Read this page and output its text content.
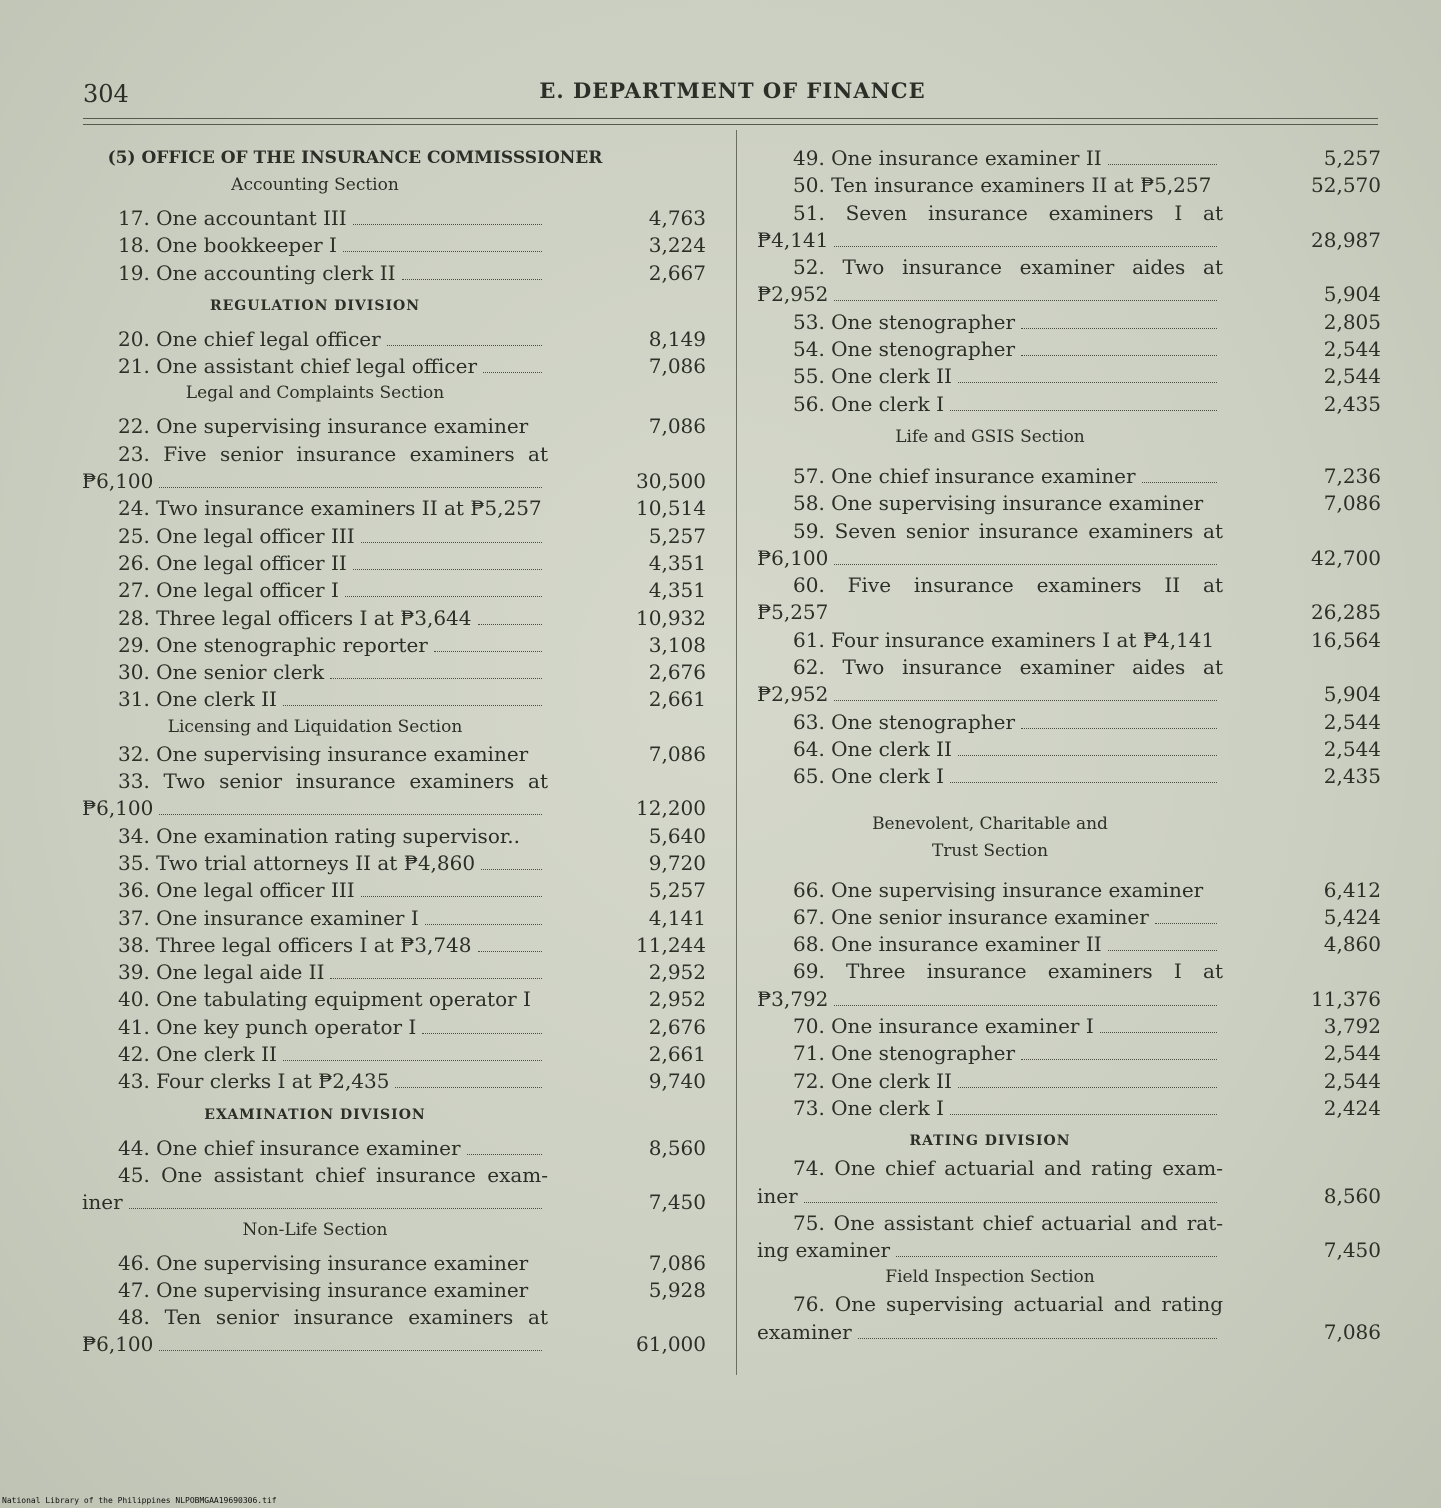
304	E. DEPARTMENT OF FINANCE
(5) OFFICE OF THE INSURANCE COMMISSSIONER
Accounting Section
17. One accountant III	4,763
18. One bookkeeper I	3,224
19. One accounting clerk II	2,667
REGULATION DIVISION
20. One chief legal officer	8,149
21. One assistant chief legal officer	7,086
Legal and Complaints Section
22. One supervising insurance examiner	7,086
23. Five senior insurance examiners at
₱6,100	30,500
24. Two insurance examiners II at ₱5,257	10,514
25. One legal officer III	5,257
26. One legal officer II	4,351
27. One legal officer I	4,351
28. Three legal officers I at ₱3,644	10,932
29. One stenographic reporter	3,108
30. One senior clerk	2,676
31. One clerk II	2,661
Licensing and Liquidation Section
32. One supervising insurance examiner	7,086
33. Two senior insurance examiners at
₱6,100	12,200
34. One examination rating supervisor..	5,640
35. Two trial attorneys II at ₱4,860	9,720
36. One legal officer III	5,257
37. One insurance examiner I	4,141
38. Three legal officers I at ₱3,748	11,244
39. One legal aide II	2,952
40. One tabulating equipment operator I	2,952
41. One key punch operator I	2,676
42. One clerk II	2,661
43. Four clerks I at ₱2,435	9,740
EXAMINATION DIVISION
44. One chief insurance examiner	8,560
45. One assistant chief insurance exam-
iner	7,450
Non-Life Section
46. One supervising insurance examiner	7,086
47. One supervising insurance examiner	5,928
48. Ten senior insurance examiners at
₱6,100	61,000
49. One insurance examiner II	5,257
50. Ten insurance examiners II at ₱5,257	52,570
51. Seven insurance examiners I at
₱4,141	28,987
52. Two insurance examiner aides at
₱2,952	5,904
53. One stenographer	2,805
54. One stenographer	2,544
55. One clerk II	2,544
56. One clerk I	2,435
Life and GSIS Section
57. One chief insurance examiner	7,236
58. One supervising insurance examiner	7,086
59. Seven senior insurance examiners at
₱6,100	42,700
60. Five insurance examiners II at
₱5,257	26,285
61. Four insurance examiners I at ₱4,141	16,564
62. Two insurance examiner aides at
₱2,952	5,904
63. One stenographer	2,544
64. One clerk II	2,544
65. One clerk I	2,435
Benevolent, Charitable and
Trust Section
66. One supervising insurance examiner	6,412
67. One senior insurance examiner	5,424
68. One insurance examiner II	4,860
69. Three insurance examiners I at
₱3,792	11,376
70. One insurance examiner I	3,792
71. One stenographer	2,544
72. One clerk II	2,544
73. One clerk I	2,424
RATING DIVISION
74. One chief actuarial and rating exam-
iner	8,560
75. One assistant chief actuarial and rat-
ing examiner	7,450
Field Inspection Section
76. One supervising actuarial and rating
examiner	7,086
National Library of the Philippines NLPOBMGAA19690306.tif
